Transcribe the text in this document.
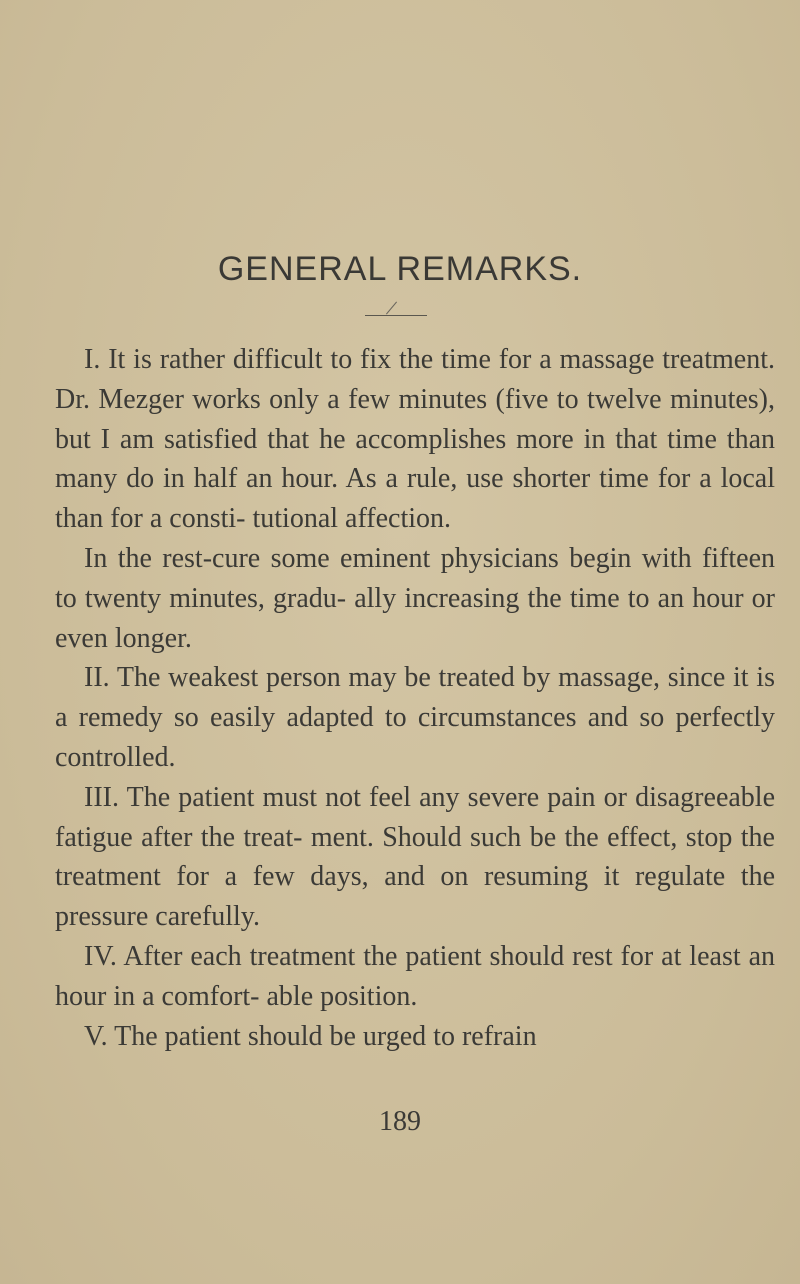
GENERAL REMARKS.

I. It is rather difficult to fix the time for a massage treatment. Dr. Mezger works only a few minutes (five to twelve minutes), but I am satisfied that he accomplishes more in that time than many do in half an hour. As a rule, use shorter time for a local than for a consti- tutional affection.

In the rest-cure some eminent physicians begin with fifteen to twenty minutes, gradu- ally increasing the time to an hour or even longer.

II. The weakest person may be treated by massage, since it is a remedy so easily adapted to circumstances and so perfectly controlled.

III. The patient must not feel any severe pain or disagreeable fatigue after the treat- ment. Should such be the effect, stop the treatment for a few days, and on resuming it regulate the pressure carefully.

IV. After each treatment the patient should rest for at least an hour in a comfort- able position.

V. The patient should be urged to refrain

189
